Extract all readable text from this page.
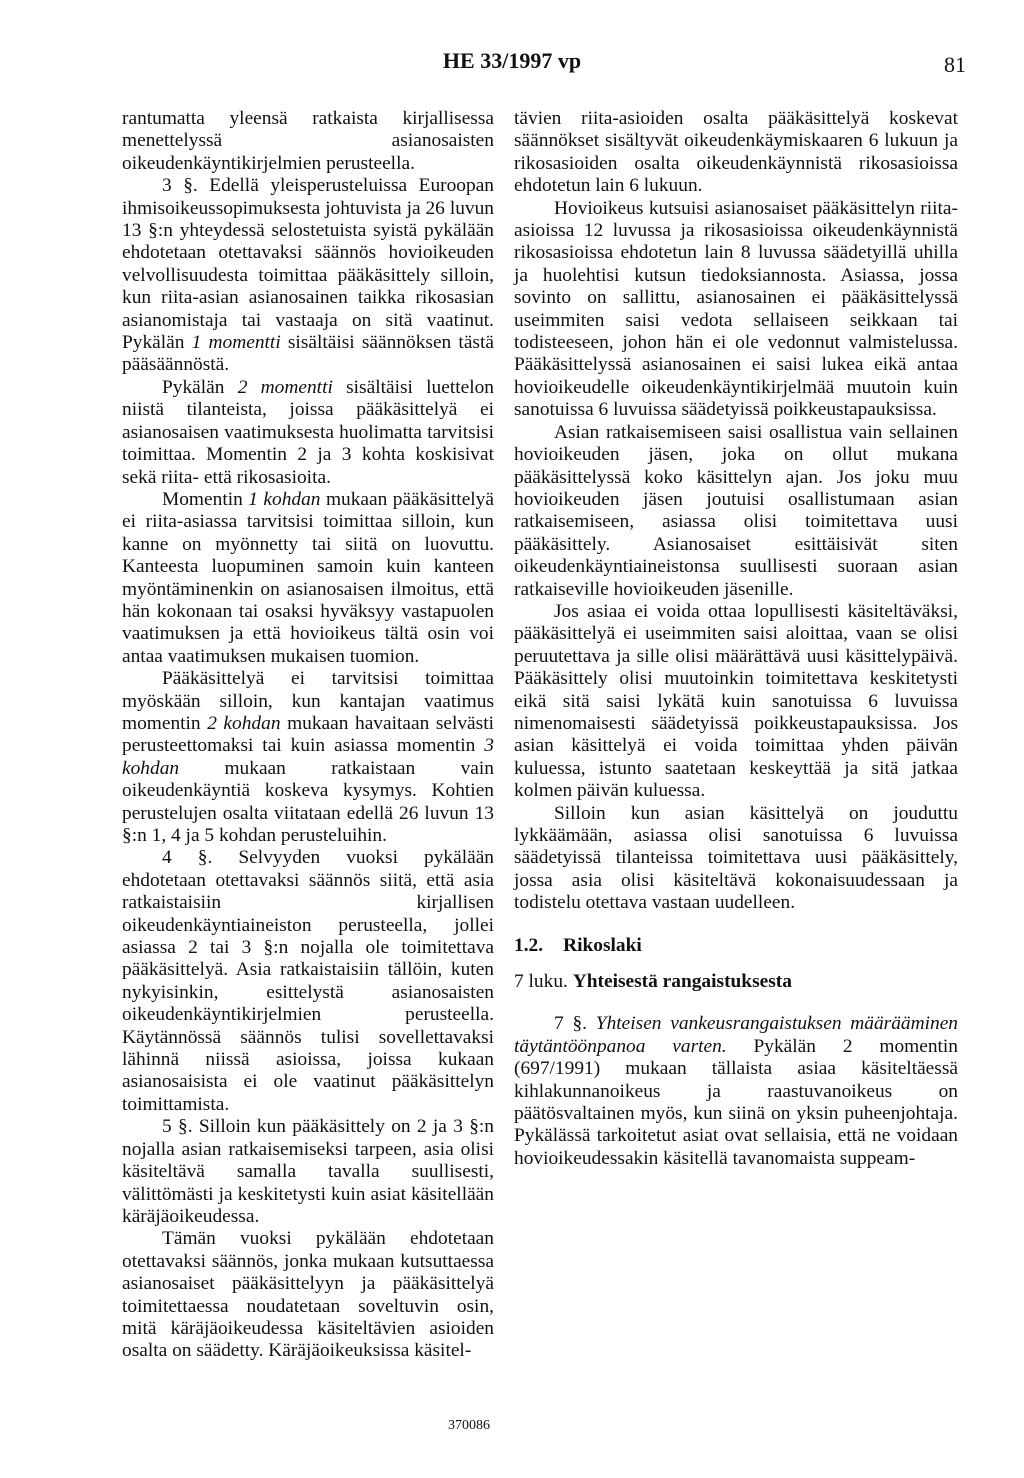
HE 33/1997 vp	81

rantumatta yleensä ratkaista kirjallisessa menettelyssä asianosaisten oikeudenkäyntikirjelmien perusteella.

3 §. Edellä yleisperusteluissa Euroopan ihmisoikeussopimuksesta johtuvista ja 26 luvun 13 §:n yhteydessä selostetuista syistä pykälään ehdotetaan otettavaksi säännös hovioikeuden velvollisuudesta toimittaa pääkäsittely silloin, kun riita-asian asianosainen taikka rikosasian asianomistaja tai vastaaja on sitä vaatinut. Pykälän 1 momentti sisältäisi säännöksen tästä pääsäännöstä.

Pykälän 2 momentti sisältäisi luettelon niistä tilanteista, joissa pääkäsittelyä ei asianosaisen vaatimuksesta huolimatta tarvitsisi toimittaa. Momentin 2 ja 3 kohta koskisivat sekä riita- että rikosasioita.

Momentin 1 kohdan mukaan pääkäsittelyä ei riita-asiassa tarvitsisi toimittaa silloin, kun kanne on myönnetty tai siitä on luovuttu. Kanteesta luopuminen samoin kuin kanteen myöntäminenkin on asianosaisen ilmoitus, että hän kokonaan tai osaksi hyväksyy vastapuolen vaatimuksen ja että hovioikeus tältä osin voi antaa vaatimuksen mukaisen tuomion.

Pääkäsittelyä ei tarvitsisi toimittaa myöskään silloin, kun kantajan vaatimus momentin 2 kohdan mukaan havaitaan selvästi perusteettomaksi tai kuin asiassa momentin 3 kohdan mukaan ratkaistaan vain oikeudenkäyntiä koskeva kysymys. Kohtien perustelujen osalta viitataan edellä 26 luvun 13 §:n 1, 4 ja 5 kohdan perusteluihin.

4 §. Selvyyden vuoksi pykälään ehdotetaan otettavaksi säännös siitä, että asia ratkaistaisiin kirjallisen oikeudenkäyntiaineiston perusteella, jollei asiassa 2 tai 3 §:n nojalla ole toimitettava pääkäsittelyä. Asia ratkaistaisiin tällöin, kuten nykyisinkin, esittelystä asianosaisten oikeudenkäyntikirjelmien perusteella. Käytännössä säännös tulisi sovellettavaksi lähinnä niissä asioissa, joissa kukaan asianosaisista ei ole vaatinut pääkäsittelyn toimittamista.

5 §. Silloin kun pääkäsittely on 2 ja 3 §:n nojalla asian ratkaisemiseksi tarpeen, asia olisi käsiteltävä samalla tavalla suullisesti, välittömästi ja keskitetysti kuin asiat käsitellään käräjäoikeudessa.

Tämän vuoksi pykälään ehdotetaan otettavaksi säännös, jonka mukaan kutsuttaessa asianosaiset pääkäsittelyyn ja pääkäsittelyä toimitettaessa noudatetaan soveltuvin osin, mitä käräjäoikeudessa käsiteltävien asioiden osalta on säädetty. Käräjäoikeuksissa käsitel-

tävien riita-asioiden osalta pääkäsittelyä koskevat säännökset sisältyvät oikeudenkäymiskaaren 6 lukuun ja rikosasioiden osalta oikeudenkäynnistä rikosasioissa ehdotetun lain 6 lukuun.

Hovioikeus kutsuisi asianosaiset pääkäsittelyn riita-asioissa 12 luvussa ja rikosasioissa oikeudenkäynnistä rikosasioissa ehdotetun lain 8 luvussa säädetyillä uhilla ja huolehtisi kutsun tiedoksiannosta. Asiassa, jossa sovinto on sallittu, asianosainen ei pääkäsittelyssä useimmiten saisi vedota sellaiseen seikkaan tai todisteeseen, johon hän ei ole vedonnut valmistelussa. Pääkäsittelyssä asianosainen ei saisi lukea eikä antaa hovioikeudelle oikeudenkäyntikirjelmää muutoin kuin sanotuissa 6 luvuissa säädetyissä poikkeustapauksissa.

Asian ratkaisemiseen saisi osallistua vain sellainen hovioikeuden jäsen, joka on ollut mukana pääkäsittelyssä koko käsittelyn ajan. Jos joku muu hovioikeuden jäsen joutuisi osallistumaan asian ratkaisemiseen, asiassa olisi toimitettava uusi pääkäsittely. Asianosaiset esittäisivät siten oikeudenkäyntiaineistonsa suullisesti suoraan asian ratkaiseville hovioikeuden jäsenille.

Jos asiaa ei voida ottaa lopullisesti käsiteltäväksi, pääkäsittelyä ei useimmiten saisi aloittaa, vaan se olisi peruutettava ja sille olisi määrättävä uusi käsittelypäivä. Pääkäsittely olisi muutoinkin toimitettava keskitetysti eikä sitä saisi lykätä kuin sanotuissa 6 luvuissa nimenomaisesti säädetyissä poikkeustapauksissa. Jos asian käsittelyä ei voida toimittaa yhden päivän kuluessa, istunto saatetaan keskeyttää ja sitä jatkaa kolmen päivän kuluessa.

Silloin kun asian käsittelyä on jouduttu lykkäämään, asiassa olisi sanotuissa 6 luvuissa säädetyissä tilanteissa toimitettava uusi pääkäsittely, jossa asia olisi käsiteltävä kokonaisuudessaan ja todistelu otettava vastaan uudelleen.

1.2. Rikoslaki
7 luku. Yhteisestä rangaistuksesta

7 §. Yhteisen vankeusrangaistuksen määrääminen täytäntöönpanoa varten. Pykälän 2 momentin (697/1991) mukaan tällaista asiaa käsiteltäessä kihlakunnanoikeus ja raastuvanoikeus on päätösvaltainen myös, kun siinä on yksin puheenjohtaja. Pykälässä tarkoitetut asiat ovat sellaisia, että ne voidaan hovioikeudessakin käsitellä tavanomaista suppeam-

370086
